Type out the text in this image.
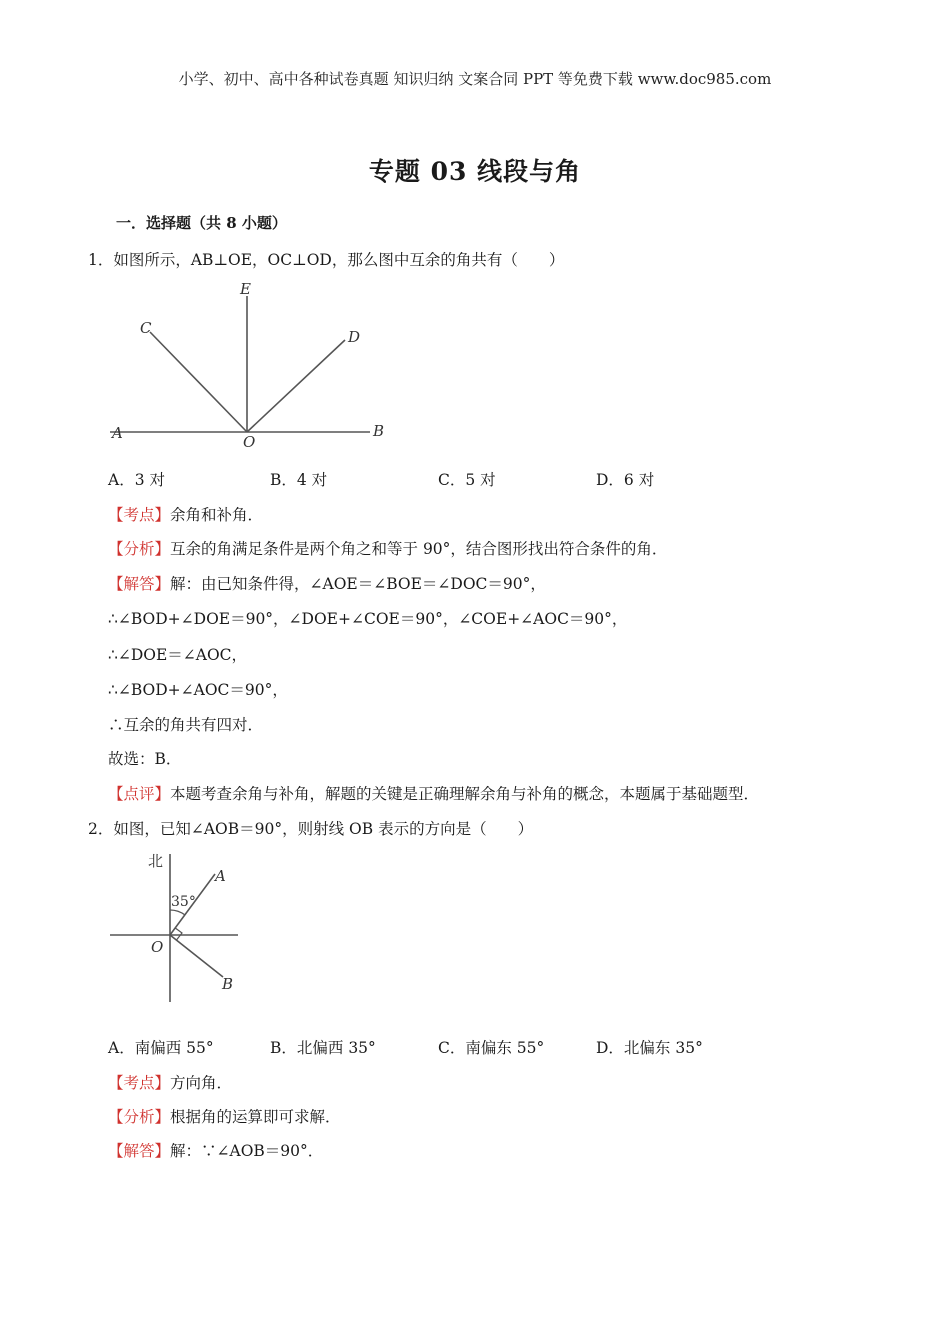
小学、初中、高中各种试卷真题 知识归纳 文案合同 PPT 等免费下载 www.doc985.com
专题 03 线段与角
一．选择题（共 8 小题）
1．如图所示，AB⊥OE，OC⊥OD，那么图中互余的角共有（　　）
E
C	D
A	O
B
A．3 对	B．4 对	C．5 对	D．6 对
【考点】余角和补角．
【分析】互余的角满足条件是两个角之和等于 90°，结合图形找出符合条件的角．
【解答】解：由已知条件得，∠AOE＝∠BOE＝∠DOC＝90°，
∴∠BOD+∠DOE＝90°，∠DOE+∠COE＝90°，∠COE+∠AOC＝90°，
∴∠DOE＝∠AOC，
∴∠BOD+∠AOC＝90°，
∴互余的角共有四对．
故选：B．
【点评】本题考查余角与补角，解题的关键是正确理解余角与补角的概念，本题属于基础题型．
2．如图，已知∠AOB＝90°，则射线 OB 表示的方向是（　　）
北
35°
A
O
B
A．南偏西 55°	B．北偏西 35°	C．南偏东 55°	D．北偏东 35°
【考点】方向角．
【分析】根据角的运算即可求解．
【解答】解：∵∠AOB＝90°．
